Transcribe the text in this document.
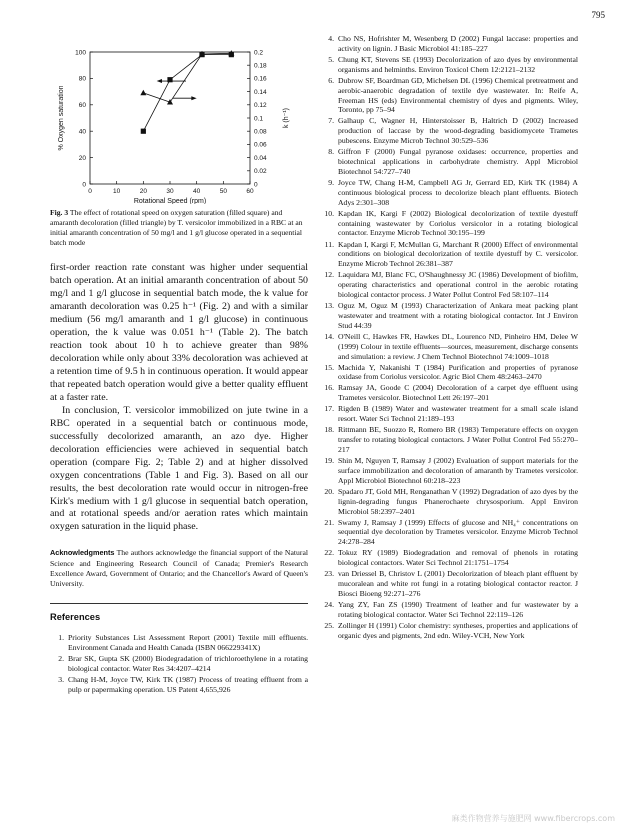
795
0	10	20	30	40	50	60
0
20
40
60
80
100
0
0.02
0.04
0.06
0.08
0.1
0.12
0.14
0.16
0.18
0.2
Rotational Speed (rpm)
% Oxygen saturation	k (h⁻¹)
Fig. 3 The effect of rotational speed on oxygen saturation (filled square) and amaranth decoloration (filled triangle) by T. versicolor immobilized in a RBC at an initial amaranth concentration of 50 mg/l and 1 g/l glucose operated in a sequential batch mode

first-order reaction rate constant was higher under sequential batch operation. At an initial amaranth concentration of about 50 mg/l and 1 g/l glucose in sequential batch mode, the k value for amaranth decoloration was 0.25 h⁻¹ (Fig. 2) and with a similar medium (56 mg/l amaranth and 1 g/l glucose) in continuous operation, the k value was 0.051 h⁻¹ (Table 2). The batch reaction took about 10 h to achieve greater than 98% decoloration while only about 33% decoloration was achieved at a retention time of 9.5 h in continuous operation. It would appear that repeated batch operation would give a better quality effluent at a faster rate.

In conclusion, T. versicolor immobilized on jute twine in a RBC operated in a sequential batch or continuous mode, successfully decolorized amaranth, an azo dye. Higher decoloration efficiencies were achieved in sequential batch operation (compare Fig. 2; Table 2) and at higher dissolved oxygen concentrations (Table 1 and Fig. 3). Based on all our results, the best decoloration rate would occur in nitrogen-free Kirk's medium with 1 g/l glucose in sequential batch operation, and at rotational speeds and/or aeration rates which maintain oxygen saturation in the liquid phase.

Acknowledgments The authors acknowledge the financial support of the Natural Science and Engineering Research Council of Canada; Premier's Research Excellence Award, Government of Ontario; and the Chancellor's Award of Queen's University.
References
1. Priority Substances List Assessment Report (2001) Textile mill effluents. Environment Canada and Health Canada (ISBN 066229341X)
2. Brar SK, Gupta SK (2000) Biodegradation of trichloroethylene in a rotating biological contactor. Water Res 34:4207–4214
3. Chang H-M, Joyce TW, Kirk TK (1987) Process of treating effluent from a pulp or papermaking operation. US Patent 4,655,926
4. Cho NS, Hofrishter M, Wesenberg D (2002) Fungal laccase: properties and activity on lignin. J Basic Microbiol 41:185–227
5. Chung KT, Stevens SE (1993) Decolorization of azo dyes by environmental organisms and helminths. Environ Toxicol Chem 12:2121–2132
6. Dubrow SF, Boardman GD, Michelsen DL (1996) Chemical pretreatment and aerobic-anaerobic degradation of textile dye wastewater. In: Reife A, Freeman HS (eds) Environmental chemistry of dyes and pigments. Wiley, Toronto, pp 75–94
7. Galhaup C, Wagner H, Hinterstoisser B, Haltrich D (2002) Increased production of laccase by the wood-degrading basidiomycete Trametes pubescens. Enzyme Microb Technol 30:529–536
8. Giffron F (2000) Fungal pyranose oxidases: occurrence, properties and biotechnical applications in carbohydrate chemistry. Appl Microbiol Biotechnol 54:727–740
9. Joyce TW, Chang H-M, Campbell AG Jr, Gerrard ED, Kirk TK (1984) A continuous biological process to decolorize bleach plant effluents. Biotech Adys 2:301–308
10. Kapdan IK, Kargi F (2002) Biological decolorization of textile dyestuff containing wastewater by Coriolus versicolor in a rotating biological contactor. Enzyme Microb Technol 30:195–199
11. Kapdan I, Kargi F, McMullan G, Marchant R (2000) Effect of environmental conditions on biological decolorization of textile dyestuff by C. versicolor. Enzyme Microb Technol 26:381–387
12. Laquidara MJ, Blanc FC, O'Shaughnessy JC (1986) Development of biofilm, operating characteristics and operational control in the aerobic rotating biological contactor process. J Water Pollut Control Fed 58:107–114
13. Oguz M, Oguz M (1993) Characterization of Ankara meat packing plant wastewater and treatment with a rotating biological contactor. Int J Environ Stud 44:39
14. O'Neill C, Hawkes FR, Hawkes DL, Lourenco ND, Pinheiro HM, Delee W (1999) Colour in textile effluents—sources, measurement, discharge consents and simulation: a review. J Chem Technol Biotechnol 74:1009–1018
15. Machida Y, Nakanishi T (1984) Purification and properties of pyranose oxidase from Coriolus versicolor. Agric Biol Chem 48:2463–2470
16. Ramsay JA, Goode C (2004) Decoloration of a carpet dye effluent using Trametes versicolor. Biotechnol Lett 26:197–201
17. Rigden B (1989) Water and wastewater treatment for a small scale island resort. Water Sci Technol 21:189–193
18. Rittmann BE, Suozzo R, Romero BR (1983) Temperature effects on oxygen transfer to rotating biological contactors. J Water Pollut Control Fed 55:270–217
19. Shin M, Nguyen T, Ramsay J (2002) Evaluation of support materials for the surface immobilization and decoloration of amaranth by Trametes versicolor. Appl Microbiol Biotechnol 60:218–223
20. Spadaro JT, Gold MH, Renganathan V (1992) Degradation of azo dyes by the lignin-degrading fungus Phanerochaete chrysosporium. Appl Environ Microbiol 58:2397–2401
21. Swamy J, Ramsay J (1999) Effects of glucose and NH₄⁺ concentrations on sequential dye decoloration by Trametes versicolor. Enzyme Microb Technol 24:278–284
22. Tokuz RY (1989) Biodegradation and removal of phenols in rotating biological contactors. Water Sci Technol 21:1751–1754
23. van Driessel B, Christov L (2001) Decolorization of bleach plant effluent by mucoralean and white rot fungi in a rotating biological contactor reactor. J Biosci Bioeng 92:271–276
24. Yang ZY, Fan ZS (1990) Treatment of leather and fur wastewater by a rotating biological contactor. Water Sci Technol 22:119–126
25. Zollinger H (1991) Color chemistry: syntheses, properties and applications of organic dyes and pigments, 2nd edn. Wiley-VCH, New York
麻类作物营养与施肥网 www.fibercrops.com
